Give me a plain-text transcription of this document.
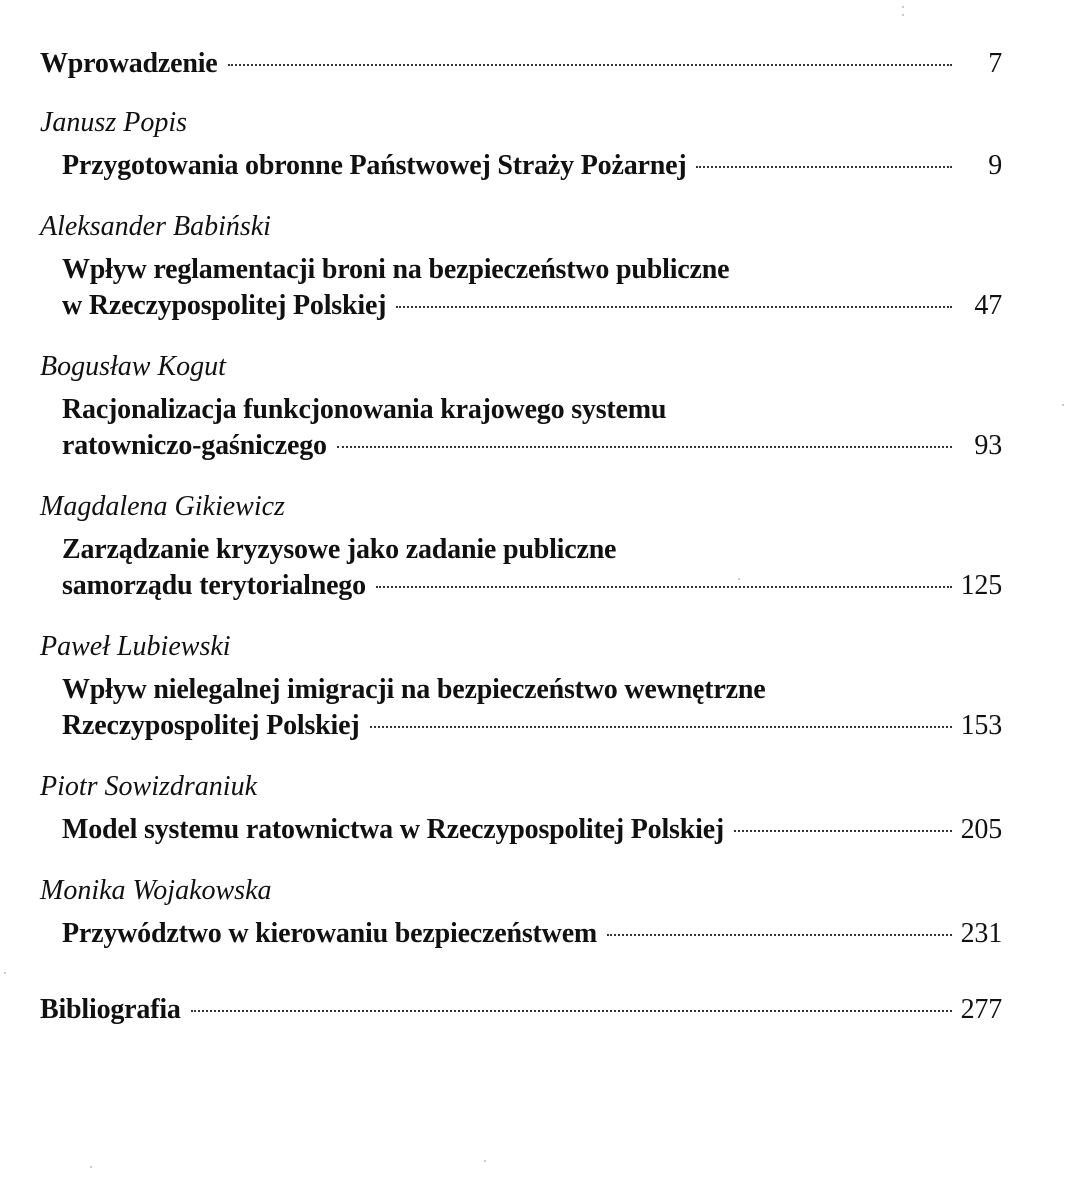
Wprowadzenie	7
Janusz Popis
Przygotowania obronne Państwowej Straży Pożarnej	9
Aleksander Babiński
Wpływ reglamentacji broni na bezpieczeństwo publiczne
w Rzeczypospolitej Polskiej	47
Bogusław Kogut
Racjonalizacja funkcjonowania krajowego systemu
ratowniczo-gaśniczego	93
Magdalena Gikiewicz
Zarządzanie kryzysowe jako zadanie publiczne
samorządu terytorialnego	125
Paweł Lubiewski
Wpływ nielegalnej imigracji na bezpieczeństwo wewnętrzne
Rzeczypospolitej Polskiej	153
Piotr Sowizdraniuk
Model systemu ratownictwa w Rzeczypospolitej Polskiej	205
Monika Wojakowska
Przywództwo w kierowaniu bezpieczeństwem	231
Bibliografia	277
